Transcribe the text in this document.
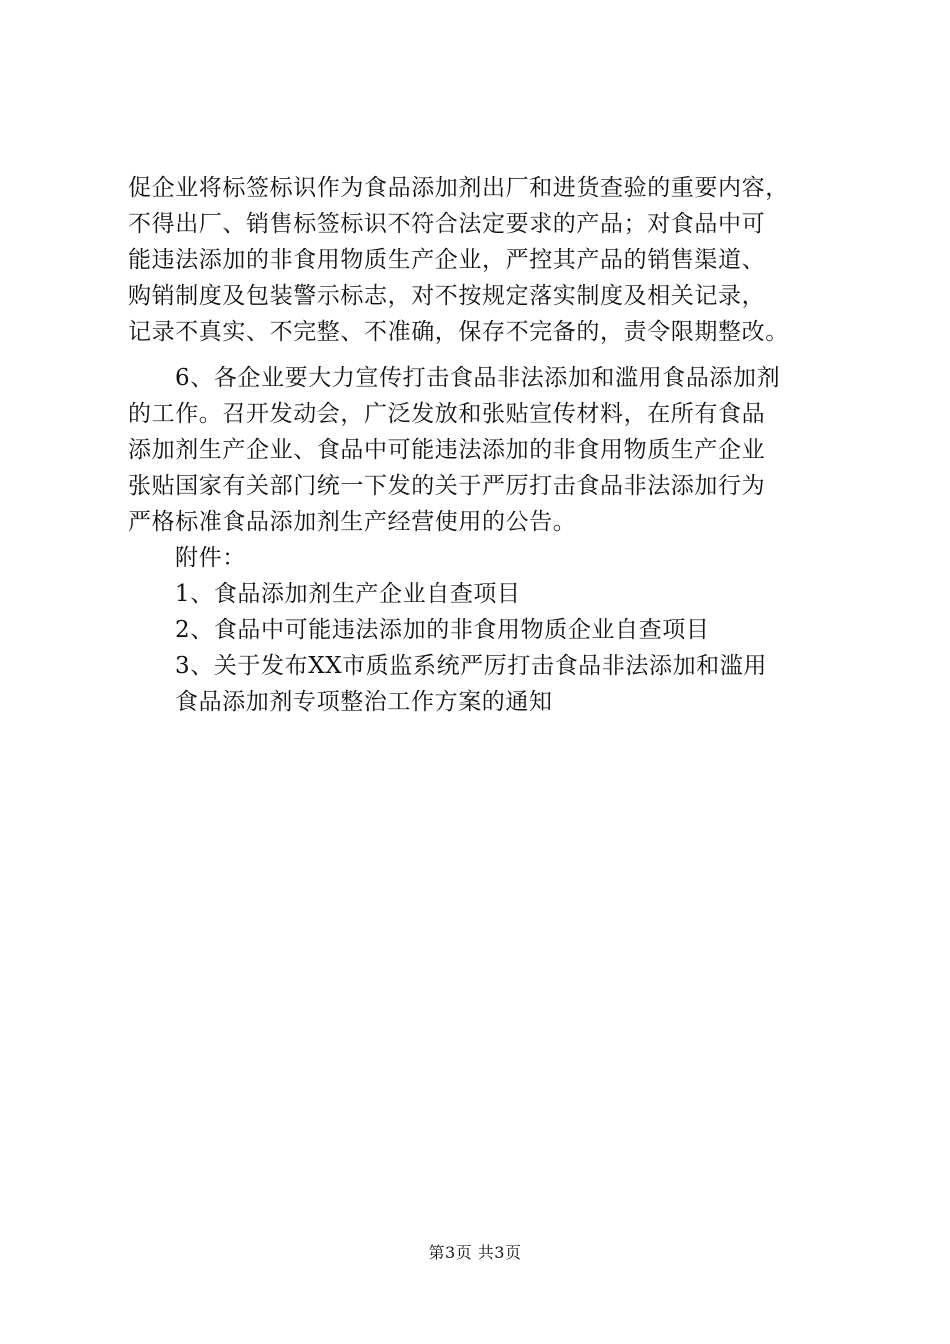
促企业将标签标识作为食品添加剂出厂和进货查验的重要内容，
不得出厂、销售标签标识不符合法定要求的产品；对食品中可
能违法添加的非食用物质生产企业，严控其产品的销售渠道、
购销制度及包装警示标志，对不按规定落实制度及相关记录，
记录不真实、不完整、不准确，保存不完备的，责令限期整改。
6、各企业要大力宣传打击食品非法添加和滥用食品添加剂
的工作。召开发动会，广泛发放和张贴宣传材料，在所有食品
添加剂生产企业、食品中可能违法添加的非食用物质生产企业
张贴国家有关部门统一下发的关于严厉打击食品非法添加行为
严格标准食品添加剂生产经营使用的公告。
附件：
1、食品添加剂生产企业自查项目
2、食品中可能违法添加的非食用物质企业自查项目
3、关于发布XX市质监系统严厉打击食品非法添加和滥用
食品添加剂专项整治工作方案的通知
第3页 共3页
